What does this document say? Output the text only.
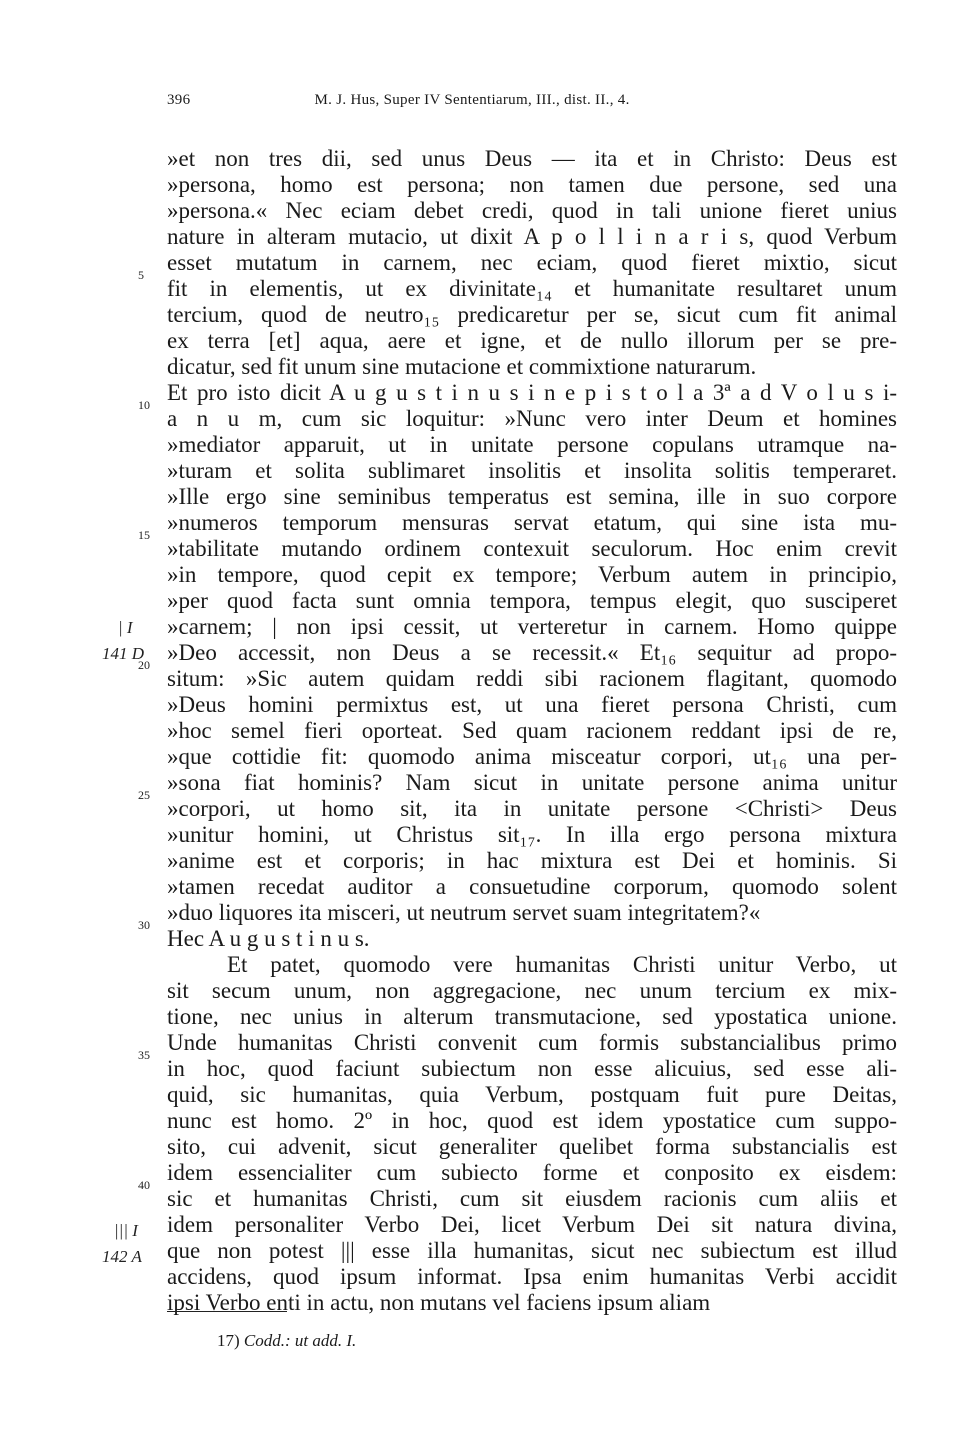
396	M. J. Hus, Super IV Sententiarum, III., dist. II., 4.
»et non tres dii, sed unus Deus — ita et in Christo: Deus est
»persona, homo est persona; non tamen due persone, sed una
»persona.« Nec eciam debet credi, quod in tali unione fieret unius
nature in alteram mutacio, ut dixit A p o l l i n a r i s, quod Verbum
esset mutatum in carnem, nec eciam, quod fieret mixtio, sicut
fit in elementis, ut ex divinitate₁₄ et humanitate resultaret unum
tercium, quod de neutro₁₅ predicaretur per se, sicut cum fit animal
ex terra [et] aqua, aere et igne, et de nullo illorum per se pre-
dicatur, sed fit unum sine mutacione et commixtione naturarum.
Et pro isto dicit A u g u s t i n u s i n e p i s t o l a 3ª a d V o l u s i-
a n u m, cum sic loquitur: »Nunc vero inter Deum et homines
»mediator apparuit, ut in unitate persone copulans utramque na-
»turam et solita sublimaret insolitis et insolita solitis temperaret.
»Ille ergo sine seminibus temperatus est semina, ille in suo corpore
»numeros temporum mensuras servat etatum, qui sine ista mu-
»tabilitate mutando ordinem contexuit seculorum. Hoc enim crevit
»in tempore, quod cepit ex tempore; Verbum autem in principio,
»per quod facta sunt omnia tempora, tempus elegit, quo susciperet
»carnem; | non ipsi cessit, ut verteretur in carnem. Homo quippe
»Deo accessit, non Deus a se recessit.« Et₁₆ sequitur ad propo-
situm: »Sic autem quidam reddi sibi racionem flagitant, quomodo
»Deus homini permixtus est, ut una fieret persona Christi, cum
»hoc semel fieri oporteat. Sed quam racionem reddant ipsi de re,
»que cottidie fit: quomodo anima misceatur corpori, ut₁₆ una per-
»sona fiat hominis? Nam sicut in unitate persone anima unitur
»corpori, ut homo sit, ita in unitate persone <Christi> Deus
»unitur homini, ut Christus sit₁₇. In illa ergo persona mixtura
»anime est et corporis; in hac mixtura est Dei et hominis. Si
»tamen recedat auditor a consuetudine corporum, quomodo solent
»duo liquores ita misceri, ut neutrum servet suam integritatem?«
Hec A u g u s t i n u s.
Et patet, quomodo vere humanitas Christi unitur Verbo, ut
sit secum unum, non aggregacione, nec unum tercium ex mix-
tione, nec unius in alterum transmutacione, sed ypostatica unione.
Unde humanitas Christi convenit cum formis substancialibus primo
in hoc, quod faciunt subiectum non esse alicuius, sed esse ali-
quid, sic humanitas, quia Verbum, postquam fuit pure Deitas,
nunc est homo. 2º in hoc, quod est idem ypostatice cum suppo-
sito, cui advenit, sicut generaliter quelibet forma substancialis est
idem essencialiter cum subiecto forme et conposito ex eisdem:
sic et humanitas Christi, cum sit eiusdem racionis cum aliis et
idem personaliter Verbo Dei, licet Verbum Dei sit natura divina,
que non potest ||| esse illa humanitas, sicut nec subiectum est illud
accidens, quod ipsum informat. Ipsa enim humanitas Verbi accidit
ipsi Verbo enti in actu, non mutans vel faciens ipsum aliam
5
10
15
20
25
30
35
40
| I
141 D
||| I
142 A
17) Codd.: ut add. I.
